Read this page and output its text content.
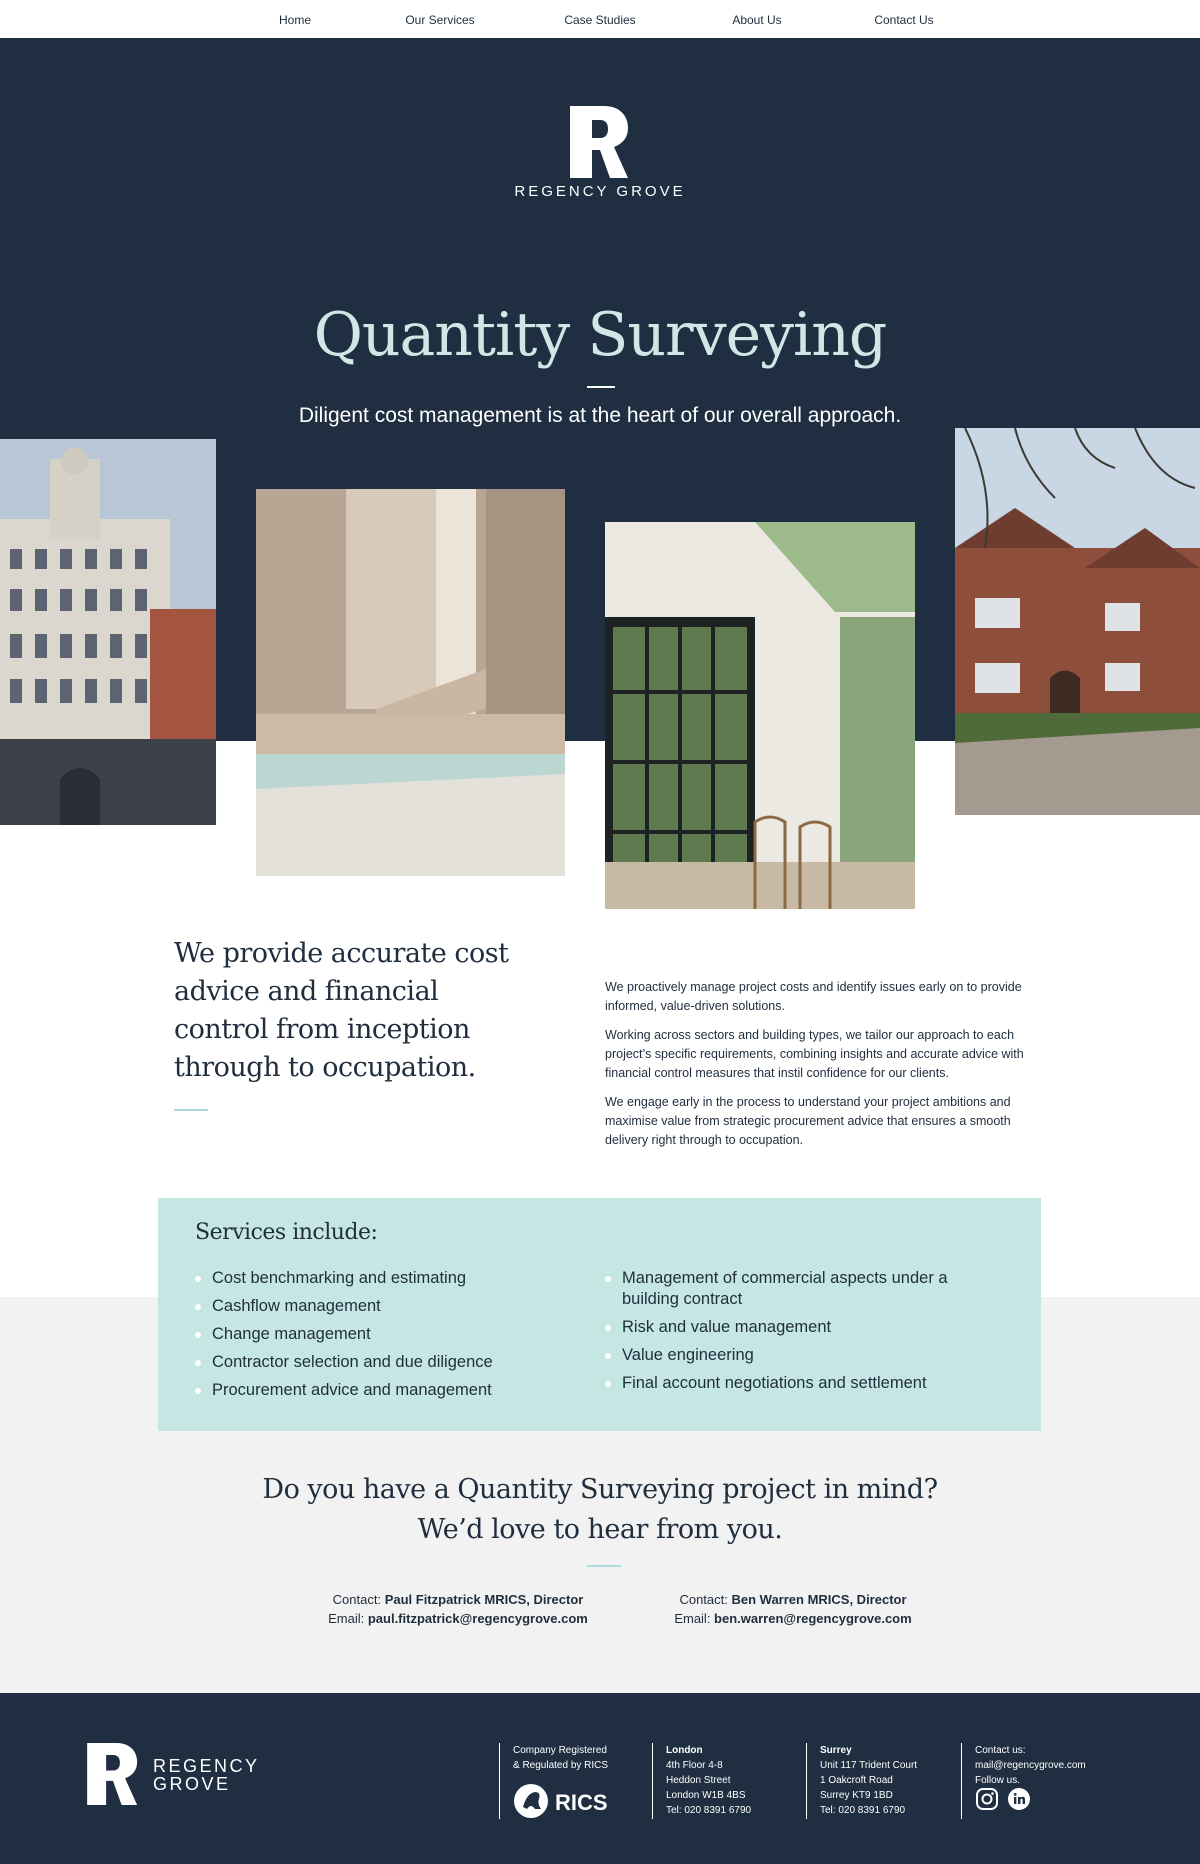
Home	Our Services	Case Studies	About Us	Contact Us
REGENCY GROVE
Quantity Surveying
Diligent cost management is at the heart of our overall approach.
We provide accurate cost advice and financial control from inception through to occupation.

We proactively manage project costs and identify issues early on to provide informed, value-driven solutions.

Working across sectors and building types, we tailor our approach to each project’s specific requirements, combining insights and accurate advice with financial control measures that instil confidence for our clients.

We engage early in the process to understand your project ambitions and maximise value from strategic procurement advice that ensures a smooth delivery right through to occupation.

Services include:
Cost benchmarking and estimating
Cashflow management
Change management
Contractor selection and due diligence
Procurement advice and management
Management of commercial aspects under a building contract
Risk and value management
Value engineering
Final account negotiations and settlement
Do you have a Quantity Surveying project in mind?
We’d love to hear from you.
Contact: Paul Fitzpatrick MRICS, Director
Email: paul.fitzpatrick@regencygrove.com
Contact: Ben Warren MRICS, Director
Email: ben.warren@regencygrove.com
REGENCY
GROVE
Company Registered
& Regulated by RICS
RICS
London
4th Floor 4-8
Heddon Street
London W1B 4BS
Tel: 020 8391 6790
Surrey
Unit 117 Trident Court
1 Oakcroft Road
Surrey KT9 1BD
Tel: 020 8391 6790
Contact us:
mail@regencygrove.com
Follow us.
